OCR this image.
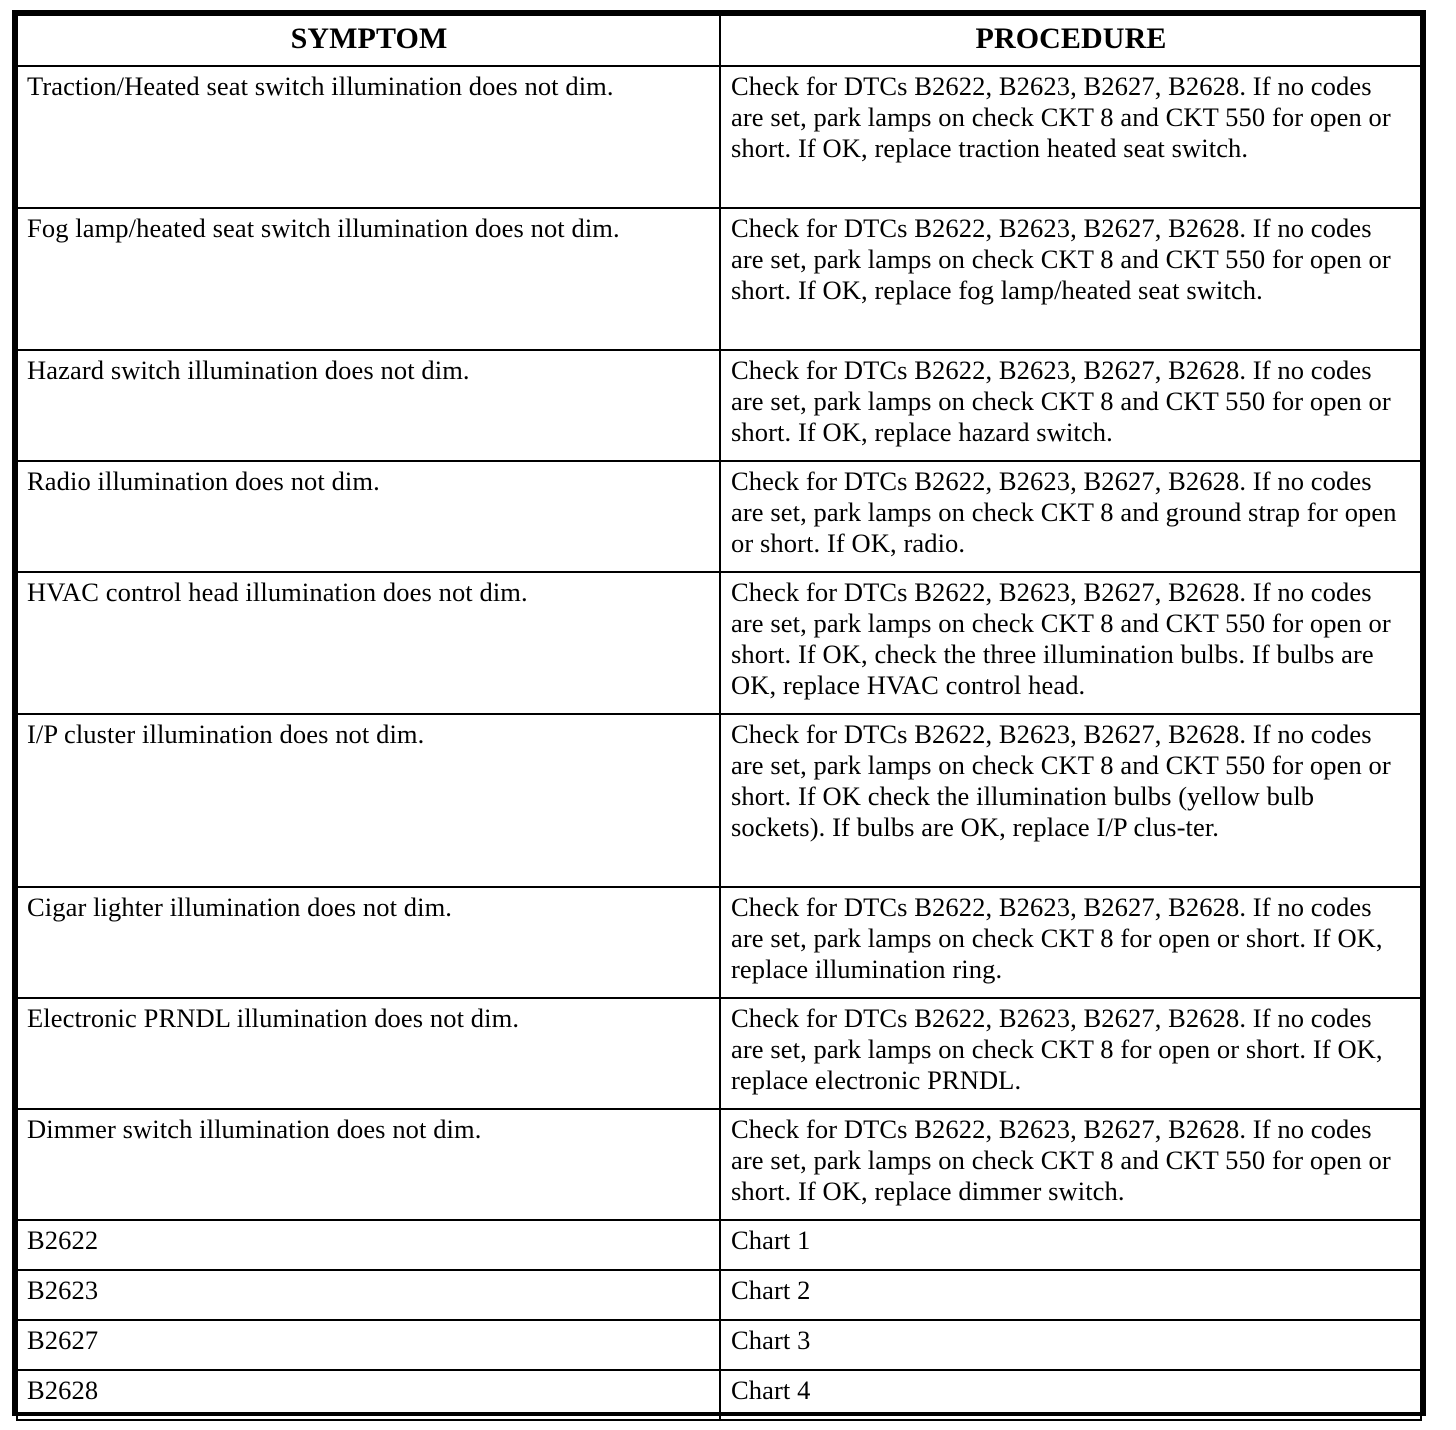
SYMPTOM	PROCEDURE
Traction/Heated seat switch illumination does not dim.	Check for DTCs B2622, B2623, B2627, B2628. If no codes are set, park lamps on check CKT 8 and CKT 550 for open or short. If OK, replace traction heated seat switch.
Fog lamp/heated seat switch illumination does not dim.	Check for DTCs B2622, B2623, B2627, B2628. If no codes are set, park lamps on check CKT 8 and CKT 550 for open or short. If OK, replace fog lamp/heated seat switch.
Hazard switch illumination does not dim.	Check for DTCs B2622, B2623, B2627, B2628. If no codes are set, park lamps on check CKT 8 and CKT 550 for open or short. If OK, replace hazard switch.
Radio illumination does not dim.	Check for DTCs B2622, B2623, B2627, B2628. If no codes are set, park lamps on check CKT 8 and ground strap for open or short. If OK, radio.
HVAC control head illumination does not dim.	Check for DTCs B2622, B2623, B2627, B2628. If no codes are set, park lamps on check CKT 8 and CKT 550 for open or short. If OK, check the three illumination bulbs. If bulbs are OK, replace HVAC control head.
I/P cluster illumination does not dim.	Check for DTCs B2622, B2623, B2627, B2628. If no codes are set, park lamps on check CKT 8 and CKT 550 for open or short. If OK check the illumination bulbs (yellow bulb sockets). If bulbs are OK, replace I/P clus-ter.
Cigar lighter illumination does not dim.	Check for DTCs B2622, B2623, B2627, B2628. If no codes are set, park lamps on check CKT 8 for open or short. If OK, replace illumination ring.
Electronic PRNDL illumination does not dim.	Check for DTCs B2622, B2623, B2627, B2628. If no codes are set, park lamps on check CKT 8 for open or short. If OK, replace electronic PRNDL.
Dimmer switch illumination does not dim.	Check for DTCs B2622, B2623, B2627, B2628. If no codes are set, park lamps on check CKT 8 and CKT 550 for open or short. If OK, replace dimmer switch.
B2622	Chart 1
B2623	Chart 2
B2627	Chart 3
B2628	Chart 4
